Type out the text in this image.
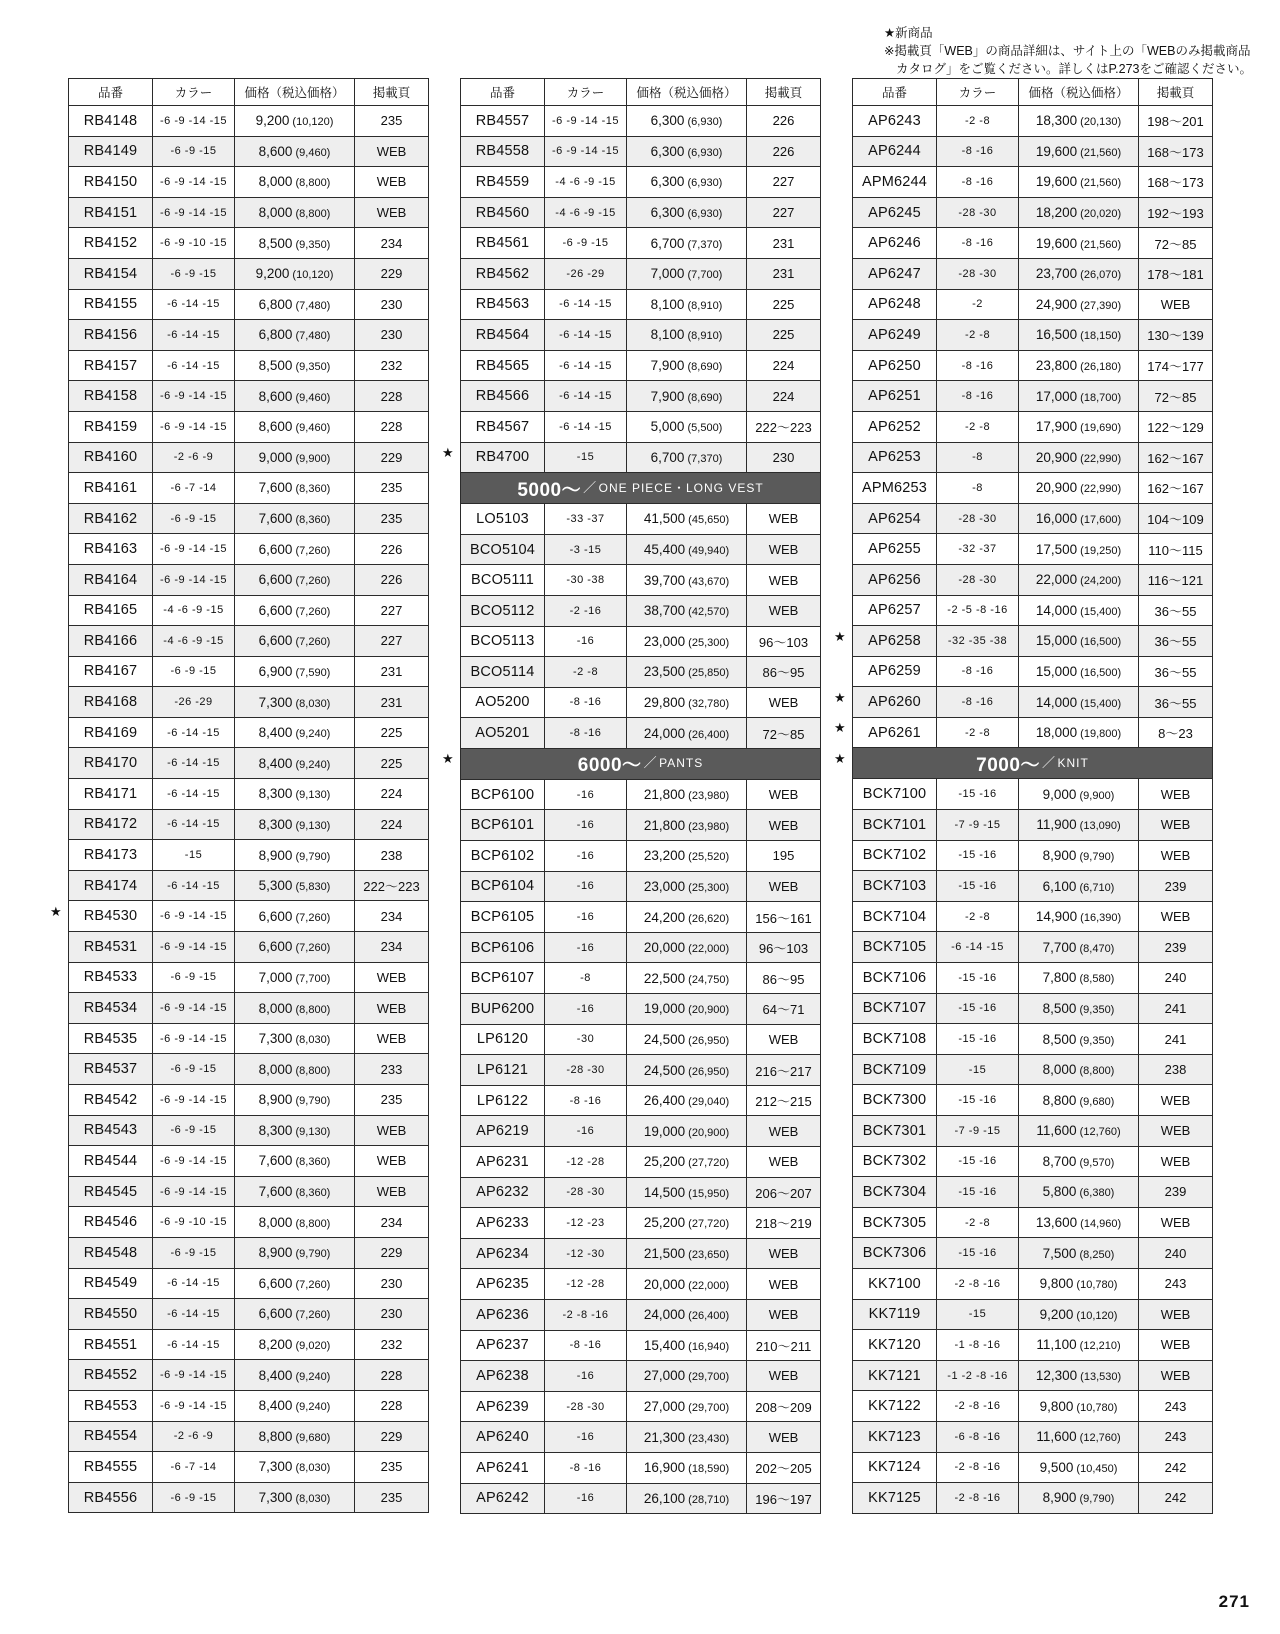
★新商品
※掲載頁「WEB」の商品詳細は、サイト上の「WEBのみ掲載商品
カタログ」をご覧ください。詳しくはP.273をご確認ください。
品番	カラー	価格（税込価格）	掲載頁
RB4148	-6 -9 -14 -15	9,200 (10,120)	235
RB4149	-6 -9 -15	8,600 (9,460)	WEB
RB4150	-6 -9 -14 -15	8,000 (8,800)	WEB
RB4151	-6 -9 -14 -15	8,000 (8,800)	WEB
RB4152	-6 -9 -10 -15	8,500 (9,350)	234
RB4154	-6 -9 -15	9,200 (10,120)	229
RB4155	-6 -14 -15	6,800 (7,480)	230
RB4156	-6 -14 -15	6,800 (7,480)	230
RB4157	-6 -14 -15	8,500 (9,350)	232
RB4158	-6 -9 -14 -15	8,600 (9,460)	228
RB4159	-6 -9 -14 -15	8,600 (9,460)	228
RB4160	-2 -6 -9	9,000 (9,900)	229
RB4161	-6 -7 -14	7,600 (8,360)	235
RB4162	-6 -9 -15	7,600 (8,360)	235
RB4163	-6 -9 -14 -15	6,600 (7,260)	226
RB4164	-6 -9 -14 -15	6,600 (7,260)	226
RB4165	-4 -6 -9 -15	6,600 (7,260)	227
RB4166	-4 -6 -9 -15	6,600 (7,260)	227
RB4167	-6 -9 -15	6,900 (7,590)	231
RB4168	-26 -29	7,300 (8,030)	231
RB4169	-6 -14 -15	8,400 (9,240)	225
RB4170	-6 -14 -15	8,400 (9,240)	225
RB4171	-6 -14 -15	8,300 (9,130)	224
RB4172	-6 -14 -15	8,300 (9,130)	224
RB4173	-15	8,900 (9,790)	238
RB4174	-6 -14 -15	5,300 (5,830)	222〜223
RB4530	-6 -9 -14 -15	6,600 (7,260)	234
RB4531	-6 -9 -14 -15	6,600 (7,260)	234
RB4533	-6 -9 -15	7,000 (7,700)	WEB
RB4534	-6 -9 -14 -15	8,000 (8,800)	WEB
RB4535	-6 -9 -14 -15	7,300 (8,030)	WEB
RB4537	-6 -9 -15	8,000 (8,800)	233
RB4542	-6 -9 -14 -15	8,900 (9,790)	235
RB4543	-6 -9 -15	8,300 (9,130)	WEB
RB4544	-6 -9 -14 -15	7,600 (8,360)	WEB
RB4545	-6 -9 -14 -15	7,600 (8,360)	WEB
RB4546	-6 -9 -10 -15	8,000 (8,800)	234
RB4548	-6 -9 -15	8,900 (9,790)	229
RB4549	-6 -14 -15	6,600 (7,260)	230
RB4550	-6 -14 -15	6,600 (7,260)	230
RB4551	-6 -14 -15	8,200 (9,020)	232
RB4552	-6 -9 -14 -15	8,400 (9,240)	228
RB4553	-6 -9 -14 -15	8,400 (9,240)	228
RB4554	-2 -6 -9	8,800 (9,680)	229
RB4555	-6 -7 -14	7,300 (8,030)	235
RB4556	-6 -9 -15	7,300 (8,030)	235
★
品番	カラー	価格（税込価格）	掲載頁
RB4557	-6 -9 -14 -15	6,300 (6,930)	226
RB4558	-6 -9 -14 -15	6,300 (6,930)	226
RB4559	-4 -6 -9 -15	6,300 (6,930)	227
RB4560	-4 -6 -9 -15	6,300 (6,930)	227
RB4561	-6 -9 -15	6,700 (7,370)	231
RB4562	-26 -29	7,000 (7,700)	231
RB4563	-6 -14 -15	8,100 (8,910)	225
RB4564	-6 -14 -15	8,100 (8,910)	225
RB4565	-6 -14 -15	7,900 (8,690)	224
RB4566	-6 -14 -15	7,900 (8,690)	224
RB4567	-6 -14 -15	5,000 (5,500)	222〜223
RB4700	-15	6,700 (7,370)	230
5000〜 ／ ONE PIECE・LONG VEST			
LO5103	-33 -37	41,500 (45,650)	WEB
BCO5104	-3 -15	45,400 (49,940)	WEB
BCO5111	-30 -38	39,700 (43,670)	WEB
BCO5112	-2 -16	38,700 (42,570)	WEB
BCO5113	-16	23,000 (25,300)	96〜103
BCO5114	-2 -8	23,500 (25,850)	86〜95
AO5200	-8 -16	29,800 (32,780)	WEB
AO5201	-8 -16	24,000 (26,400)	72〜85
6000〜 ／ PANTS			
BCP6100	-16	21,800 (23,980)	WEB
BCP6101	-16	21,800 (23,980)	WEB
BCP6102	-16	23,200 (25,520)	195
BCP6104	-16	23,000 (25,300)	WEB
BCP6105	-16	24,200 (26,620)	156〜161
BCP6106	-16	20,000 (22,000)	96〜103
BCP6107	-8	22,500 (24,750)	86〜95
BUP6200	-16	19,000 (20,900)	64〜71
LP6120	-30	24,500 (26,950)	WEB
LP6121	-28 -30	24,500 (26,950)	216〜217
LP6122	-8 -16	26,400 (29,040)	212〜215
AP6219	-16	19,000 (20,900)	WEB
AP6231	-12 -28	25,200 (27,720)	WEB
AP6232	-28 -30	14,500 (15,950)	206〜207
AP6233	-12 -23	25,200 (27,720)	218〜219
AP6234	-12 -30	21,500 (23,650)	WEB
AP6235	-12 -28	20,000 (22,000)	WEB
AP6236	-2 -8 -16	24,000 (26,400)	WEB
AP6237	-8 -16	15,400 (16,940)	210〜211
AP6238	-16	27,000 (29,700)	WEB
AP6239	-28 -30	27,000 (29,700)	208〜209
AP6240	-16	21,300 (23,430)	WEB
AP6241	-8 -16	16,900 (18,590)	202〜205
AP6242	-16	26,100 (28,710)	196〜197
★
★
品番	カラー	価格（税込価格）	掲載頁
AP6243	-2 -8	18,300 (20,130)	198〜201
AP6244	-8 -16	19,600 (21,560)	168〜173
APM6244	-8 -16	19,600 (21,560)	168〜173
AP6245	-28 -30	18,200 (20,020)	192〜193
AP6246	-8 -16	19,600 (21,560)	72〜85
AP6247	-28 -30	23,700 (26,070)	178〜181
AP6248	-2	24,900 (27,390)	WEB
AP6249	-2 -8	16,500 (18,150)	130〜139
AP6250	-8 -16	23,800 (26,180)	174〜177
AP6251	-8 -16	17,000 (18,700)	72〜85
AP6252	-2 -8	17,900 (19,690)	122〜129
AP6253	-8	20,900 (22,990)	162〜167
APM6253	-8	20,900 (22,990)	162〜167
AP6254	-28 -30	16,000 (17,600)	104〜109
AP6255	-32 -37	17,500 (19,250)	110〜115
AP6256	-28 -30	22,000 (24,200)	116〜121
AP6257	-2 -5 -8 -16	14,000 (15,400)	36〜55
AP6258	-32 -35 -38	15,000 (16,500)	36〜55
AP6259	-8 -16	15,000 (16,500)	36〜55
AP6260	-8 -16	14,000 (15,400)	36〜55
AP6261	-2 -8	18,000 (19,800)	8〜23
7000〜 ／ KNIT			
BCK7100	-15 -16	9,000 (9,900)	WEB
BCK7101	-7 -9 -15	11,900 (13,090)	WEB
BCK7102	-15 -16	8,900 (9,790)	WEB
BCK7103	-15 -16	6,100 (6,710)	239
BCK7104	-2 -8	14,900 (16,390)	WEB
BCK7105	-6 -14 -15	7,700 (8,470)	239
BCK7106	-15 -16	7,800 (8,580)	240
BCK7107	-15 -16	8,500 (9,350)	241
BCK7108	-15 -16	8,500 (9,350)	241
BCK7109	-15	8,000 (8,800)	238
BCK7300	-15 -16	8,800 (9,680)	WEB
BCK7301	-7 -9 -15	11,600 (12,760)	WEB
BCK7302	-15 -16	8,700 (9,570)	WEB
BCK7304	-15 -16	5,800 (6,380)	239
BCK7305	-2 -8	13,600 (14,960)	WEB
BCK7306	-15 -16	7,500 (8,250)	240
KK7100	-2 -8 -16	9,800 (10,780)	243
KK7119	-15	9,200 (10,120)	WEB
KK7120	-1 -8 -16	11,100 (12,210)	WEB
KK7121	-1 -2 -8 -16	12,300 (13,530)	WEB
KK7122	-2 -8 -16	9,800 (10,780)	243
KK7123	-6 -8 -16	11,600 (12,760)	243
KK7124	-2 -8 -16	9,500 (10,450)	242
KK7125	-2 -8 -16	8,900 (9,790)	242
★
★
★
★
271
